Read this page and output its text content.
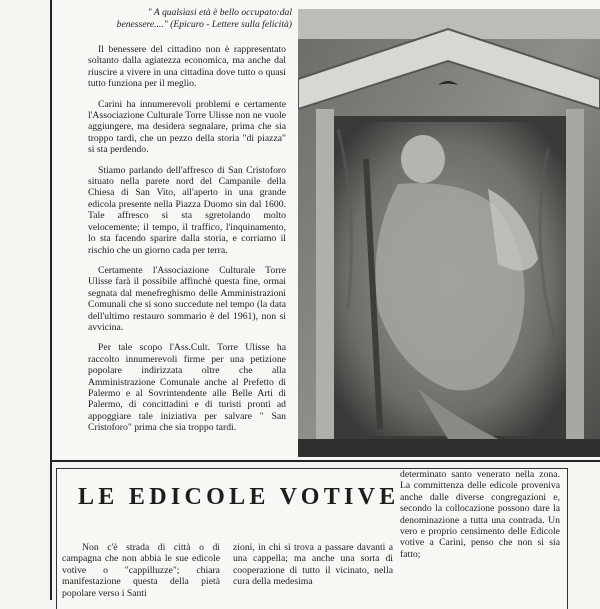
" A qualsiasi età è bello occupato:dal
benessere...." (Epicuro - Lettere sulla felicità)

Il benessere del cittadino non è rappresentato soltanto dalla agiatezza economica, ma anche dal riuscire a vivere in una cittadina dove tutto o quasi tutto funziona per il meglio.

Carini ha innumerevoli problemi e certamente l'Associazione Culturale Torre Ulisse non ne vuole aggiungere, ma desidera segnalare, prima che sia troppo tardi, che un pezzo della storia "di piazza" si sta perdendo.

Stiamo parlando dell'affresco di San Cristoforo situato nella parete nord del Campanile della Chiesa di San Vito, all'aperto in una grande edicola presente nella Piazza Duomo sin dal 1600. Tale affresco si sta sgretolando molto velocemente; il tempo, il traffico, l'inquinamento, lo sta facendo sparire dalla storia, e corriamo il rischio che un giorno cada per terra.

Certamente l'Associazione Culturale Torre Ulisse farà il possibile affinchè questa fine, ormai segnata dal menefreghismo delle Amministrazioni Comunali che si sono succedute nel tempo (la data dell'ultimo restauro sommario è del 1961), non si avvicina.

Per tale scopo l'Ass.Cult. Torre Ulisse ha raccolto innumerevoli firme per una petizione popolare indirizzata oltre che alla Amministrazione Comunale anche al Prefetto di Palermo e al Sovrintendente alle Belle Arti di Palermo, di concittadini e di turisti pronti ad appoggiare tale iniziativa per salvare " San Cristoforo" prima che sia troppo tardi.

LE EDICOLE VOTIVE

Non c'è strada di città o di campagna che non abbia le sue edicole votive o "cappilluzze"; chiara manifestazione questa della pietà popolare verso i Santi

zioni, in chi si trova a passare davanti a una cappella; ma anche una sorta di cooperazione di tutto il vicinato, nella cura della medesima

determinato santo venerato nella zona. La committenza delle edicole proveniva anche dalle diverse congregazioni e, secondo la collocazione possono dare la denominazione a tutta una contrada. Un vero e proprio censimento delle Edicole votive a Carini, penso che non si sia fatto;
